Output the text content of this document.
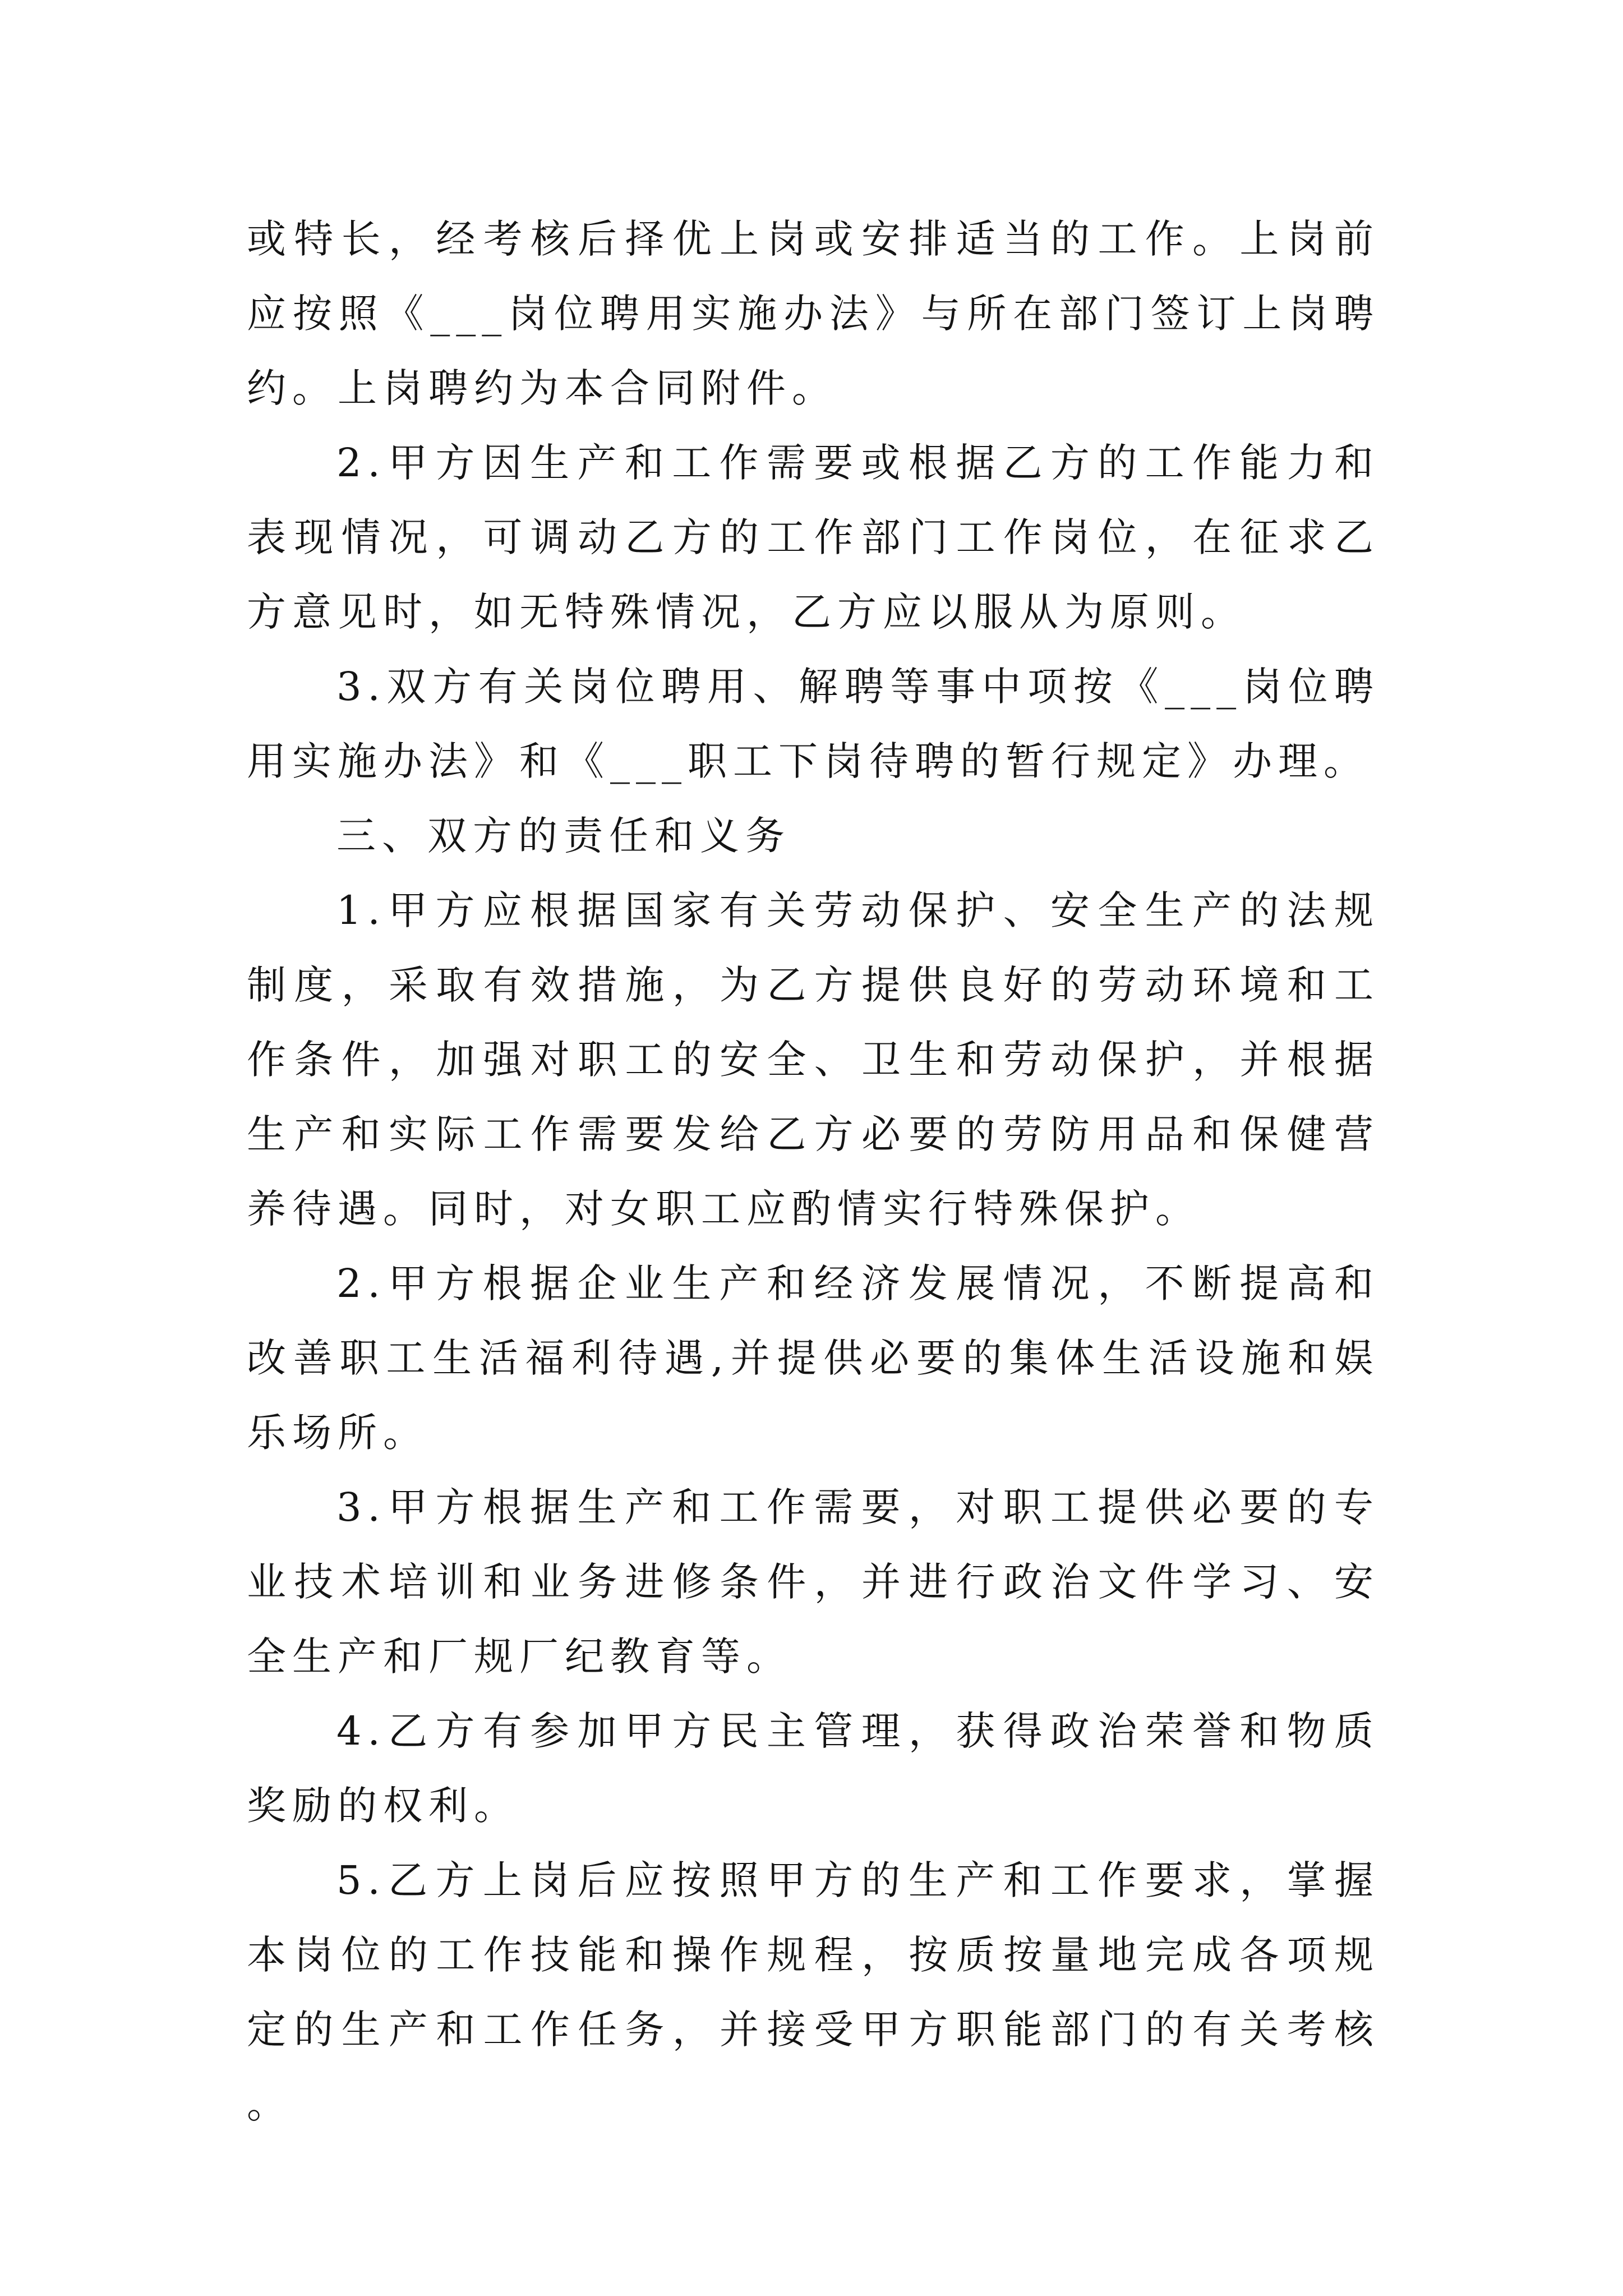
或特长，经考核后择优上岗或安排适当的工作。上岗前应按照《___岗位聘用实施办法》与所在部门签订上岗聘约。上岗聘约为本合同附件。

2.甲方因生产和工作需要或根据乙方的工作能力和表现情况，可调动乙方的工作部门工作岗位，在征求乙方意见时，如无特殊情况，乙方应以服从为原则。

3.双方有关岗位聘用、解聘等事中项按《___岗位聘用实施办法》和《___职工下岗待聘的暂行规定》办理。

三、双方的责任和义务

1.甲方应根据国家有关劳动保护、安全生产的法规制度，采取有效措施，为乙方提供良好的劳动环境和工作条件，加强对职工的安全、卫生和劳动保护，并根据生产和实际工作需要发给乙方必要的劳防用品和保健营养待遇。同时，对女职工应酌情实行特殊保护。

2.甲方根据企业生产和经济发展情况，不断提高和改善职工生活福利待遇,并提供必要的集体生活设施和娱乐场所。

3.甲方根据生产和工作需要，对职工提供必要的专业技术培训和业务进修条件，并进行政治文件学习、安全生产和厂规厂纪教育等。

4.乙方有参加甲方民主管理，获得政治荣誉和物质奖励的权利。

5.乙方上岗后应按照甲方的生产和工作要求，掌握本岗位的工作技能和操作规程，按质按量地完成各项规定的生产和工作任务，并接受甲方职能部门的有关考核。
